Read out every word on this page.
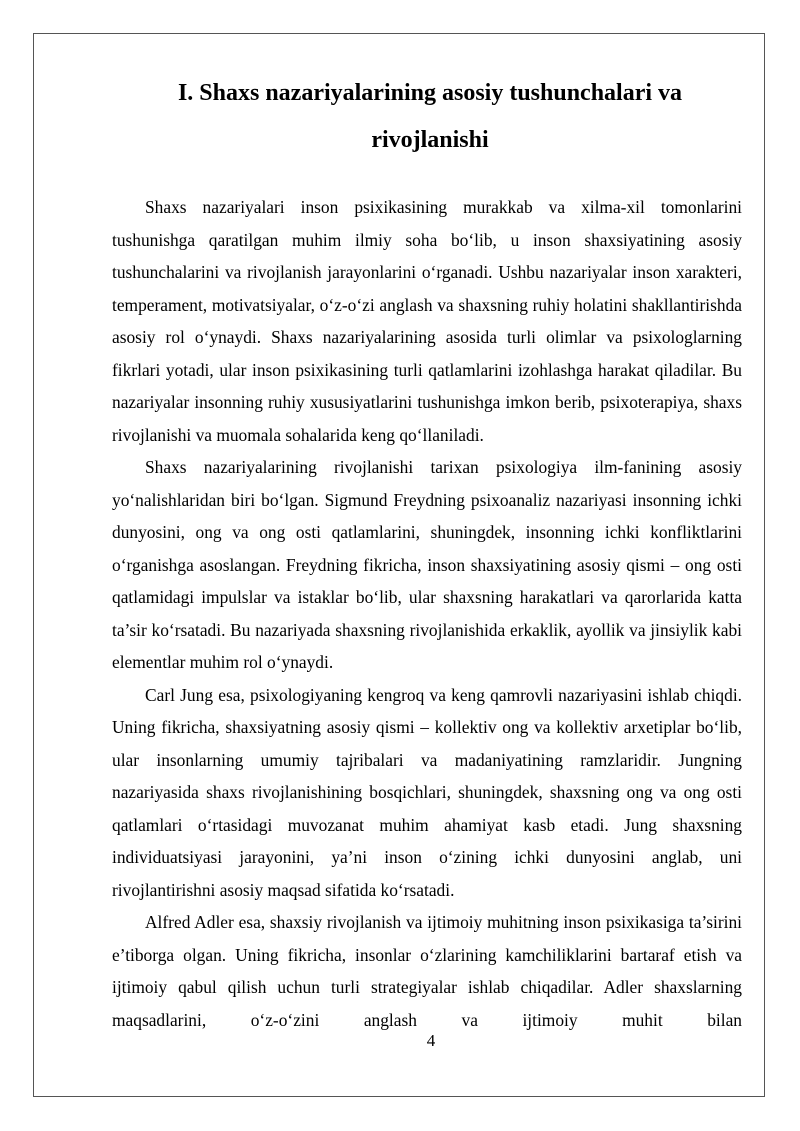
I. Shaxs nazariyalarining asosiy tushunchalari va
rivojlanishi

Shaxs nazariyalari inson psixikasining murakkab va xilma-xil tomonlarini tushunishga qaratilgan muhim ilmiy soha bo‘lib, u inson shaxsiyatining asosiy tushunchalarini va rivojlanish jarayonlarini o‘rganadi. Ushbu nazariyalar inson xarakteri, temperament, motivatsiyalar, o‘z-o‘zi anglash va shaxsning ruhiy holatini shakllantirishda asosiy rol o‘ynaydi. Shaxs nazariyalarining asosida turli olimlar va psixologlarning fikrlari yotadi, ular inson psixikasining turli qatlamlarini izohlashga harakat qiladilar. Bu nazariyalar insonning ruhiy xususiyatlarini tushunishga imkon berib, psixoterapiya, shaxs rivojlanishi va muomala sohalarida keng qo‘llaniladi.

Shaxs nazariyalarining rivojlanishi tarixan psixologiya ilm-fanining asosiy yo‘nalishlaridan biri bo‘lgan. Sigmund Freydning psixoanaliz nazariyasi insonning ichki dunyosini, ong va ong osti qatlamlarini, shuningdek, insonning ichki konfliktlarini o‘rganishga asoslangan. Freydning fikricha, inson shaxsiyatining asosiy qismi – ong osti qatlamidagi impulslar va istaklar bo‘lib, ular shaxsning harakatlari va qarorlarida katta ta’sir ko‘rsatadi. Bu nazariyada shaxsning rivojlanishida erkaklik, ayollik va jinsiylik kabi elementlar muhim rol o‘ynaydi.

Carl Jung esa, psixologiyaning kengroq va keng qamrovli nazariyasini ishlab chiqdi. Uning fikricha, shaxsiyatning asosiy qismi – kollektiv ong va kollektiv arxetiplar bo‘lib, ular insonlarning umumiy tajribalari va madaniyatining ramzlaridir. Jungning nazariyasida shaxs rivojlanishining bosqichlari, shuningdek, shaxsning ong va ong osti qatlamlari o‘rtasidagi muvozanat muhim ahamiyat kasb etadi. Jung shaxsning individuatsiyasi jarayonini, ya’ni inson o‘zining ichki dunyosini anglab, uni rivojlantirishni asosiy maqsad sifatida ko‘rsatadi.

Alfred Adler esa, shaxsiy rivojlanish va ijtimoiy muhitning inson psixikasiga ta’sirini e’tiborga olgan. Uning fikricha, insonlar o‘zlarining kamchiliklarini bartaraf etish va ijtimoiy qabul qilish uchun turli strategiyalar ishlab chiqadilar. Adler shaxslarning maqsadlarini, o‘z-o‘zini anglash va ijtimoiy muhit bilan

4
